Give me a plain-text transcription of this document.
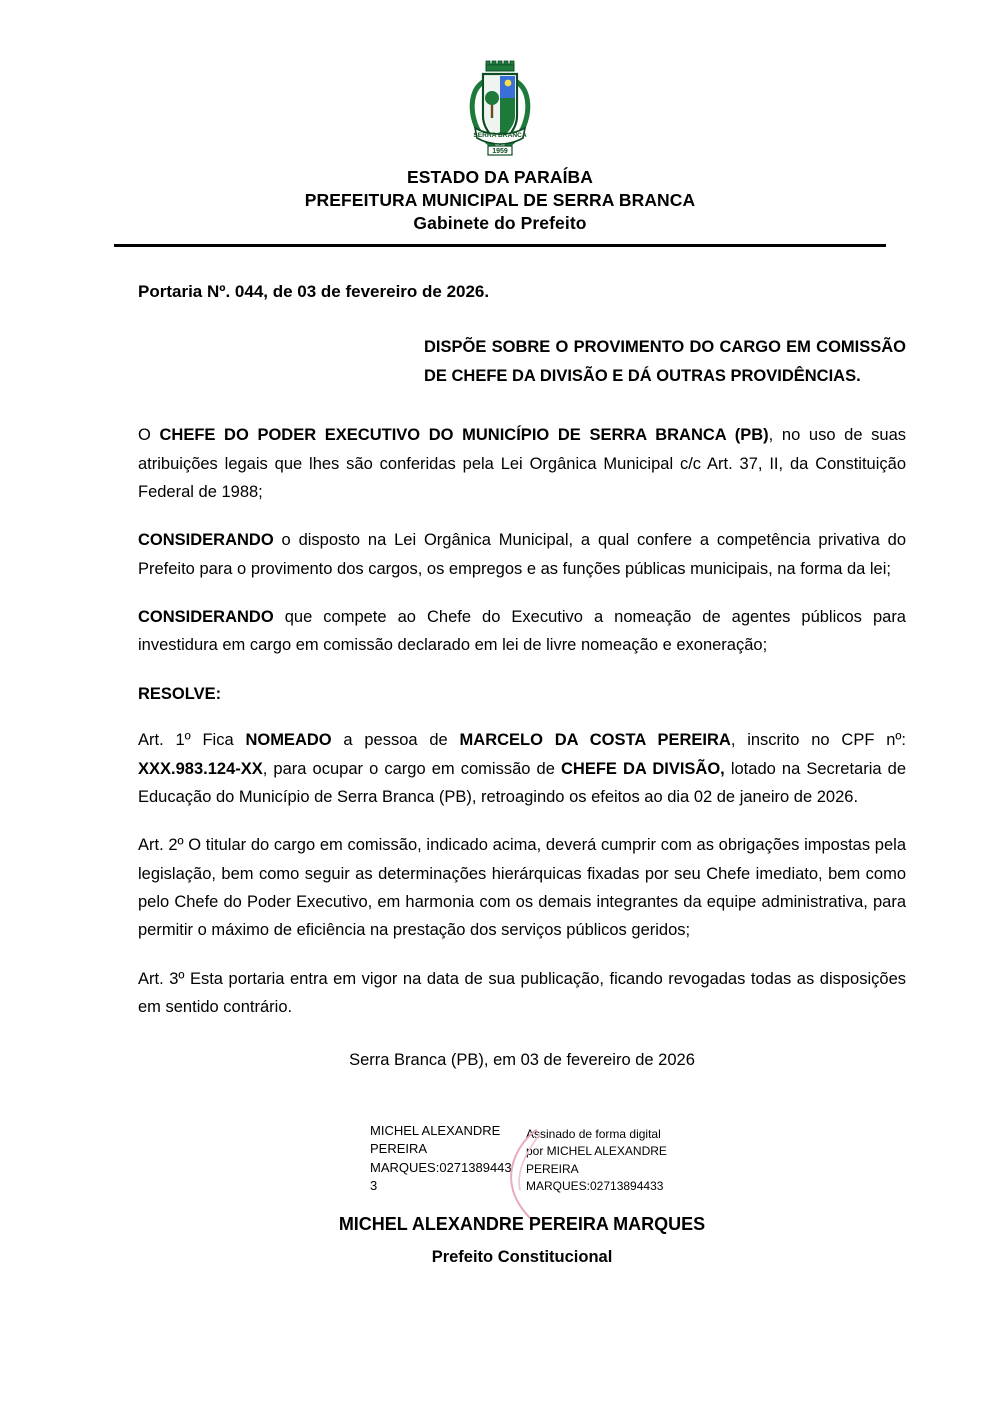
SERRA BRANCA
1959
ESTADO DA PARAÍBA
PREFEITURA MUNICIPAL DE SERRA BRANCA
Gabinete do Prefeito

Portaria Nº. 044, de 03 de fevereiro de 2026.

DISPÕE SOBRE O PROVIMENTO DO CARGO EM COMISSÃO DE CHEFE DA DIVISÃO E DÁ OUTRAS PROVIDÊNCIAS.

O CHEFE DO PODER EXECUTIVO DO MUNICÍPIO DE SERRA BRANCA (PB), no uso de suas atribuições legais que lhes são conferidas pela Lei Orgânica Municipal c/c Art. 37, II, da Constituição Federal de 1988;

CONSIDERANDO o disposto na Lei Orgânica Municipal, a qual confere a competência privativa do Prefeito para o provimento dos cargos, os empregos e as funções públicas municipais, na forma da lei;

CONSIDERANDO que compete ao Chefe do Executivo a nomeação de agentes públicos para investidura em cargo em comissão declarado em lei de livre nomeação e exoneração;

RESOLVE:

Art. 1º Fica NOMEADO a pessoa de MARCELO DA COSTA PEREIRA, inscrito no CPF nº: XXX.983.124-XX, para ocupar o cargo em comissão de CHEFE DA DIVISÃO, lotado na Secretaria de Educação do Município de Serra Branca (PB), retroagindo os efeitos ao dia 02 de janeiro de 2026.

Art. 2º O titular do cargo em comissão, indicado acima, deverá cumprir com as obrigações impostas pela legislação, bem como seguir as determinações hierárquicas fixadas por seu Chefe imediato, bem como pelo Chefe do Poder Executivo, em harmonia com os demais integrantes da equipe administrativa, para permitir o máximo de eficiência na prestação dos serviços públicos geridos;

Art. 3º Esta portaria entra em vigor na data de sua publicação, ficando revogadas todas as disposições em sentido contrário.

Serra Branca (PB), em 03 de fevereiro de 2026

MICHEL ALEXANDRE PEREIRA MARQUES:02713894433
Assinado de forma digital por MICHEL ALEXANDRE PEREIRA MARQUES:02713894433
MICHEL ALEXANDRE PEREIRA MARQUES
Prefeito Constitucional
